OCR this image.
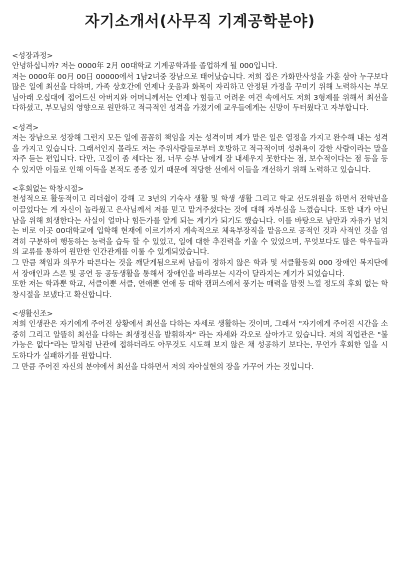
자기소개서(사무직 기계공학분야)

<성장과정>

안녕하십니까? 저는 0000年 2月 00대학교 기계공학과를 졸업하게 될 000입니다.

저는 0000年 00月 00日 00000에서 1남2녀중 장남으로 태어났습니다. 저희 집은 가화만사성을 가훈 삼아 누구보다 많은 일에 최선을 다하며, 가족 상호간에 언제나 웃음과 화목이 자리하고 안정된 가정을 꾸미기 위해 노력하시는 부모님아래 오십대에 접어드신 아버지와 어머니께서는 언제나 힘들고 어려운 여건 속에서도 저희 3형제를 위해서 최선을 다하셨고, 부모님의 영향으로 원만하고 적극적인 성격을 가졌기에 교우들에게는 신망이 두터웠다고 자부합니다.

<성격>

저는 장남으로 성장해 그런지 모든 일에 꼼꼼히 책임을 지는 성격이며 제가 맡은 일은 열정을 가지고 완수해 내는 성격을 가지고 있습니다. 그래서인지 몰라도 저는 주위사람들로부터 호방하고 적극적이며 성취욕이 강한 사람이라는 말을 자주 듣는 편입니다. 다만, 고집이 좀 세다는 점, 너무 승부 남에게 잘 내세우지 못한다는 점, 보수적이다는 점 등을 등 수 있지만 이들로 인해 이득을 본적도 종종 있기 때문에 적당한 선에서 이들을 개선하기 위해 노력하고 있습니다.

<후회없는 학창시절>

천성적으로 활동적이고 리더쉽이 강해 고 3년의 기숙사 생활 및 학생 생활 그리고 학교 선도위원을 하면서 전학년을 이끌었다는 게 자신이 놀라웠고 은사님께서 저를 믿고 맡겨주셨다는 것에 대해 자부심을 느꼈습니다. 또한 내가 아닌 남을 위해 희생한다는 사실이 얼마나 힘든가를 알게 되는 계기가 되기도 했습니다. 이를 바탕으로 남만과 자유가 넘치는 비로 이곳 00대학교에 입학해 현재에 이르기까지 계속적으로 체육부장직을 맡음으로 공적인 것과 사적인 것을 엄격히 구분하여 행동하는 능력을 습득 할 수 있었고, 일에 대한 추진력을 키울 수 있었으며, 무엇보다도 많은 학우들과의 교류를 통하여 원만한 인간관계를 이룰 수 있게되었습니다.

그 만큼 책임과 의무가 따른다는 것을 깨닫게됨으로써 남들이 정하지 않은 학과 및 서클활동외 000 장애인 복지단에서 장애인과 스론 및 공연 등 공동생활을 통해서 장애인을 바라보는 시각이 달라지는 계기가 되었습니다.

또한 저는 학과뿐 학교, 서클이뿐 서클, 연애뿐 연애 등 대학 캠퍼스에서 풍기는 매력을 맘껏 느낄 정도의 후회 없는 학창시절을 보냈다고 확신합니다.

<생활신조>

저희 인생관은 자기에게 주어진 상황에서 최선을 다하는 자세로 생활하는 것이며, 그래서 "자기에게 주어진 시간을 소중히 그리고 알뜰히 최선을 다하는 최생정신을 발휘하자" 라는 자세와 각오로 살아가고 있습니다. 저의 직업관은 "불가능은 없다"라는 말처럼 난관에 접하더라도 아무것도 시도해 보지 않은 채 성공하기 보다는, 무언가 후회한 일을 시도하다가 실패하기를 원합니다.

그 만큼 주어진 자신의 분야에서 최선을 다하면서 저의 자아실현의 장을 가꾸어 가는 것입니다.
